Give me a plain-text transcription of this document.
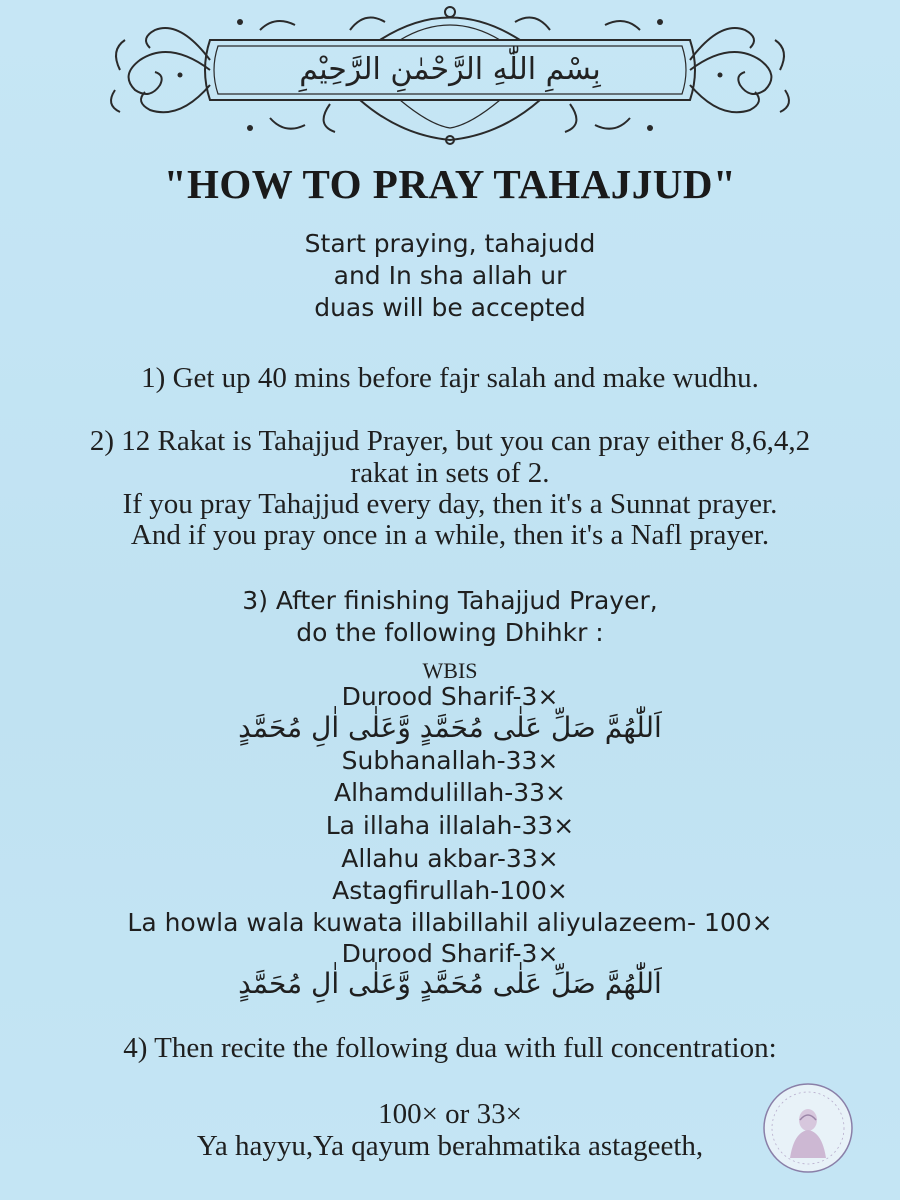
بِسْمِ اللّٰهِ الرَّحْمٰنِ الرَّحِيْمِ
"HOW TO PRAY TAHAJJUD"
Start praying, tahajudd
and In sha allah ur
duas will be accepted
1) Get up 40 mins before fajr salah and make wudhu.
2) 12 Rakat is Tahajjud Prayer, but you can pray either 8,6,4,2
rakat in sets of 2.
If you pray Tahajjud every day, then it's a Sunnat prayer.
And if you pray once in a while, then it's a Nafl prayer.
3) After finishing Tahajjud Prayer,
do the following Dhihkr :
WBIS
Durood Sharif-3×
اَللّٰهُمَّ صَلِّ عَلٰى مُحَمَّدٍ وَّعَلٰى اٰلِ مُحَمَّدٍ
Subhanallah-33×
Alhamdulillah-33×
La illaha illalah-33×
Allahu akbar-33×
Astagfirullah-100×
La howla wala kuwata illabillahil aliyulazeem- 100×
Durood Sharif-3×
اَللّٰهُمَّ صَلِّ عَلٰى مُحَمَّدٍ وَّعَلٰى اٰلِ مُحَمَّدٍ
4) Then recite the following dua with full concentration:
100× or 33×
Ya hayyu,Ya qayum berahmatika astageeth,
